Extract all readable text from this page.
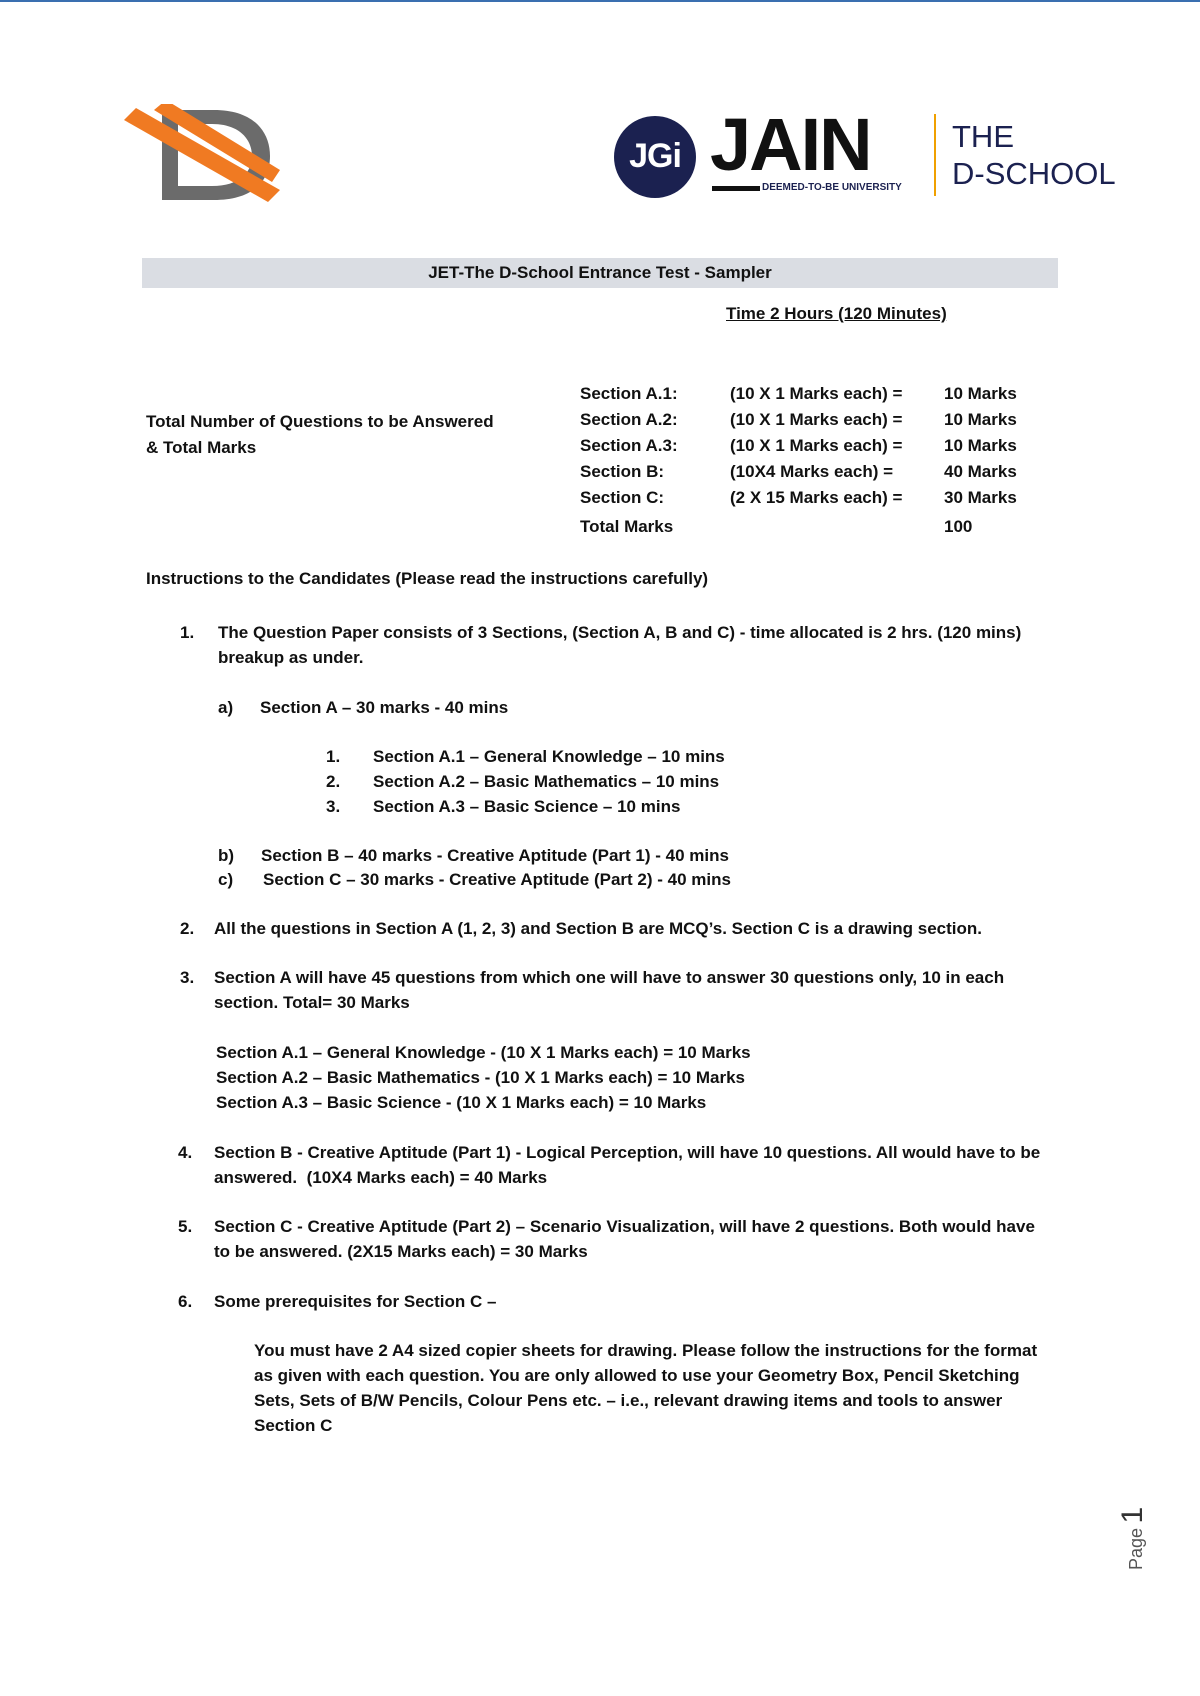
JGi JAIN
DEEMED-TO-BE UNIVERSITY
THE
D-SCHOOL
JET-The D-School Entrance Test - Sampler
Time 2 Hours (120 Minutes)
Total Number of Questions to be Answered
& Total Marks
Section A.1:	(10 X 1 Marks each) = 10 Marks
Section A.2:	(10 X 1 Marks each) = 10 Marks
Section A.3:	(10 X 1 Marks each) = 10 Marks
Section B:	(10X4 Marks each) =	40 Marks
Section C:	(2 X 15 Marks each) = 30 Marks
Total Marks	100
Instructions to the Candidates (Please read the instructions carefully)
1. The Question Paper consists of 3 Sections, (Section A, B and C) - time allocated is 2 hrs. (120 mins)
breakup as under.
a) Section A – 30 marks - 40 mins
1. Section A.1 – General Knowledge – 10 mins
2. Section A.2 – Basic Mathematics – 10 mins
3. Section A.3 – Basic Science – 10 mins
b) Section B – 40 marks - Creative Aptitude (Part 1) - 40 mins
c) Section C – 30 marks - Creative Aptitude (Part 2) - 40 mins
2. All the questions in Section A (1, 2, 3) and Section B are MCQ’s. Section C is a drawing section.
3. Section A will have 45 questions from which one will have to answer 30 questions only, 10 in each
section. Total= 30 Marks
Section A.1 – General Knowledge - (10 X 1 Marks each) = 10 Marks
Section A.2 – Basic Mathematics - (10 X 1 Marks each) = 10 Marks
Section A.3 – Basic Science - (10 X 1 Marks each) = 10 Marks
4. Section B - Creative Aptitude (Part 1) - Logical Perception, will have 10 questions. All would have to be
answered.  (10X4 Marks each) = 40 Marks
5. Section C - Creative Aptitude (Part 2) – Scenario Visualization, will have 2 questions. Both would have
to be answered. (2X15 Marks each) = 30 Marks
6. Some prerequisites for Section C –
You must have 2 A4 sized copier sheets for drawing. Please follow the instructions for the format
as given with each question. You are only allowed to use your Geometry Box, Pencil Sketching
Sets, Sets of B/W Pencils, Colour Pens etc. – i.e., relevant drawing items and tools to answer
Section C
Page 1
